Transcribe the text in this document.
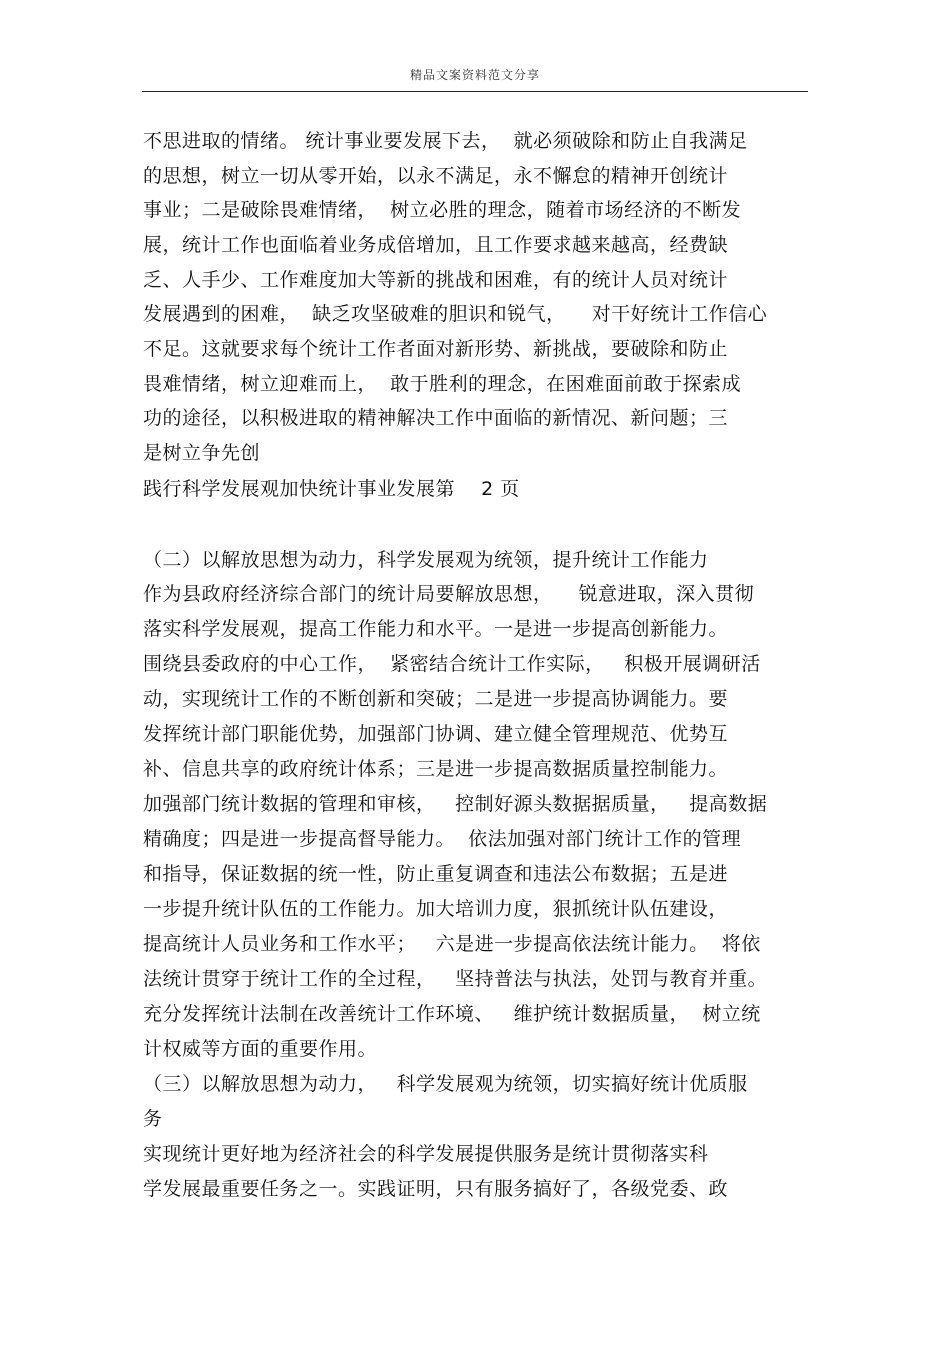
精品文案资料范文分享
不思进取的情绪。 统计事业要发展下去，  就必须破除和防止自我满足
的思想，树立一切从零开始，以永不满足，永不懈怠的精神开创统计
事业；二是破除畏难情绪，  树立必胜的理念，随着市场经济的不断发
展，统计工作也面临着业务成倍增加，且工作要求越来越高，经费缺
乏、人手少、工作难度加大等新的挑战和困难，有的统计人员对统计
发展遇到的困难，  缺乏攻坚破难的胆识和锐气，    对干好统计工作信心
不足。这就要求每个统计工作者面对新形势、新挑战，要破除和防止
畏难情绪，树立迎难而上，  敢于胜利的理念，在困难面前敢于探索成
功的途径，以积极进取的精神解决工作中面临的新情况、新问题；三
是树立争先创
践行科学发展观加快统计事业发展第    2 页
（二）以解放思想为动力，科学发展观为统领，提升统计工作能力
作为县政府经济综合部门的统计局要解放思想，    锐意进取，深入贯彻
落实科学发展观，提高工作能力和水平。一是进一步提高创新能力。
围绕县委政府的中心工作，  紧密结合统计工作实际，   积极开展调研活
动，实现统计工作的不断创新和突破；二是进一步提高协调能力。要
发挥统计部门职能优势，加强部门协调、建立健全管理规范、优势互
补、信息共享的政府统计体系；三是进一步提高数据质量控制能力。
加强部门统计数据的管理和审核，   控制好源头数据据质量，   提高数据
精确度；四是进一步提高督导能力。  依法加强对部门统计工作的管理
和指导，保证数据的统一性，防止重复调查和违法公布数据；五是进
一步提升统计队伍的工作能力。加大培训力度，狠抓统计队伍建设，
提高统计人员业务和工作水平；   六是进一步提高依法统计能力。  将依
法统计贯穿于统计工作的全过程，   坚持普法与执法，处罚与教育并重。
充分发挥统计法制在改善统计工作环境、   维护统计数据质量，  树立统
计权威等方面的重要作用。
（三）以解放思想为动力，   科学发展观为统领，切实搞好统计优质服
务
实现统计更好地为经济社会的科学发展提供服务是统计贯彻落实科
学发展最重要任务之一。实践证明，只有服务搞好了，各级党委、政
